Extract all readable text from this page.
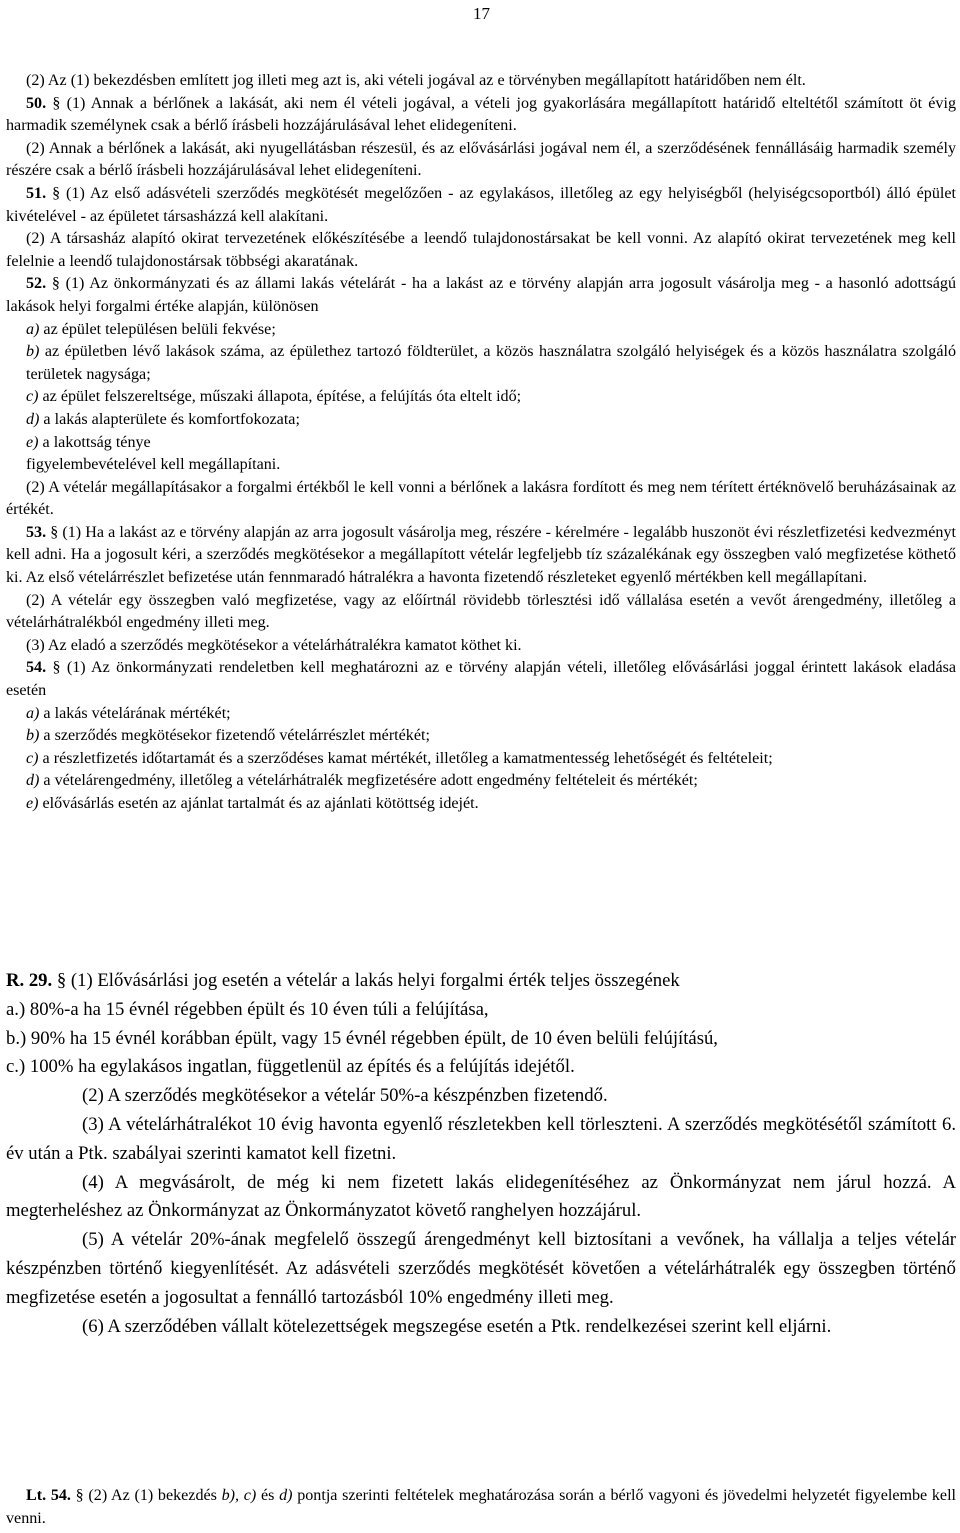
17

(2) Az (1) bekezdésben említett jog illeti meg azt is, aki vételi jogával az e törvényben megállapított határidőben nem élt.

50. § (1) Annak a bérlőnek a lakását, aki nem él vételi jogával, a vételi jog gyakorlására megállapított határidő elteltétől számított öt évig harmadik személynek csak a bérlő írásbeli hozzájárulásával lehet elidegeníteni.

(2) Annak a bérlőnek a lakását, aki nyugellátásban részesül, és az elővásárlási jogával nem él, a szerződésének fennállásáig harmadik személy részére csak a bérlő írásbeli hozzájárulásával lehet elidegeníteni.

51. § (1) Az első adásvételi szerződés megkötését megelőzően - az egylakásos, illetőleg az egy helyiségből (helyiségcsoportból) álló épület kivételével - az épületet társasházzá kell alakítani.

(2) A társasház alapító okirat tervezetének előkészítésébe a leendő tulajdonostársakat be kell vonni. Az alapító okirat tervezetének meg kell felelnie a leendő tulajdonostársak többségi akaratának.

52. § (1) Az önkormányzati és az állami lakás vételárát - ha a lakást az e törvény alapján arra jogosult vásárolja meg - a hasonló adottságú lakások helyi forgalmi értéke alapján, különösen

a) az épület településen belüli fekvése;

b) az épületben lévő lakások száma, az épülethez tartozó földterület, a közös használatra szolgáló helyiségek és a közös használatra szolgáló területek nagysága;

c) az épület felszereltsége, műszaki állapota, építése, a felújítás óta eltelt idő;

d) a lakás alapterülete és komfortfokozata;

e) a lakottság ténye

figyelembevételével kell megállapítani.

(2) A vételár megállapításakor a forgalmi értékből le kell vonni a bérlőnek a lakásra fordított és meg nem térített értéknövelő beruházásainak az értékét.

53. § (1) Ha a lakást az e törvény alapján az arra jogosult vásárolja meg, részére - kérelmére - legalább huszonöt évi részletfizetési kedvezményt kell adni. Ha a jogosult kéri, a szerződés megkötésekor a megállapított vételár legfeljebb tíz százalékának egy összegben való megfizetése köthető ki. Az első vételárrészlet befizetése után fennmaradó hátralékra a havonta fizetendő részleteket egyenlő mértékben kell megállapítani.

(2) A vételár egy összegben való megfizetése, vagy az előírtnál rövidebb törlesztési idő vállalása esetén a vevőt árengedmény, illetőleg a vételárhátralékból engedmény illeti meg.

(3) Az eladó a szerződés megkötésekor a vételárhátralékra kamatot köthet ki.

54. § (1) Az önkormányzati rendeletben kell meghatározni az e törvény alapján vételi, illetőleg elővásárlási joggal érintett lakások eladása esetén

a) a lakás vételárának mértékét;

b) a szerződés megkötésekor fizetendő vételárrészlet mértékét;

c) a részletfizetés időtartamát és a szerződéses kamat mértékét, illetőleg a kamatmentesség lehetőségét és feltételeit;

d) a vételárengedmény, illetőleg a vételárhátralék megfizetésére adott engedmény feltételeit és mértékét;

e) elővásárlás esetén az ajánlat tartalmát és az ajánlati kötöttség idejét.

R. 29. § (1) Elővásárlási jog esetén a vételár a lakás helyi forgalmi érték teljes összegének

a.) 80%-a ha 15 évnél régebben épült és 10 éven túli a felújítása,

b.) 90% ha 15 évnél korábban épült, vagy 15 évnél régebben épült, de 10 éven belüli felújítású,

c.) 100% ha egylakásos ingatlan, függetlenül az építés és a felújítás idejétől.

(2) A szerződés megkötésekor a vételár 50%-a készpénzben fizetendő.

(3) A vételárhátralékot 10 évig havonta egyenlő részletekben kell törleszteni. A szerződés megkötésétől számított 6. év után a Ptk. szabályai szerinti kamatot kell fizetni.

(4) A megvásárolt, de még ki nem fizetett lakás elidegenítéséhez az Önkormányzat nem járul hozzá. A megterheléshez az Önkormányzat az Önkormányzatot követő ranghelyen hozzájárul.

(5) A vételár 20%-ának megfelelő összegű árengedményt kell biztosítani a vevőnek, ha vállalja a teljes vételár készpénzben történő kiegyenlítését. Az adásvételi szerződés megkötését követően a vételárhátralék egy összegben történő megfizetése esetén a jogosultat a fennálló tartozásból 10% engedmény illeti meg.

(6) A szerződében vállalt kötelezettségek megszegése esetén a Ptk. rendelkezései szerint kell eljárni.

Lt. 54. § (2) Az (1) bekezdés b), c) és d) pontja szerinti feltételek meghatározása során a bérlő vagyoni és jövedelmi helyzetét figyelembe kell venni.
